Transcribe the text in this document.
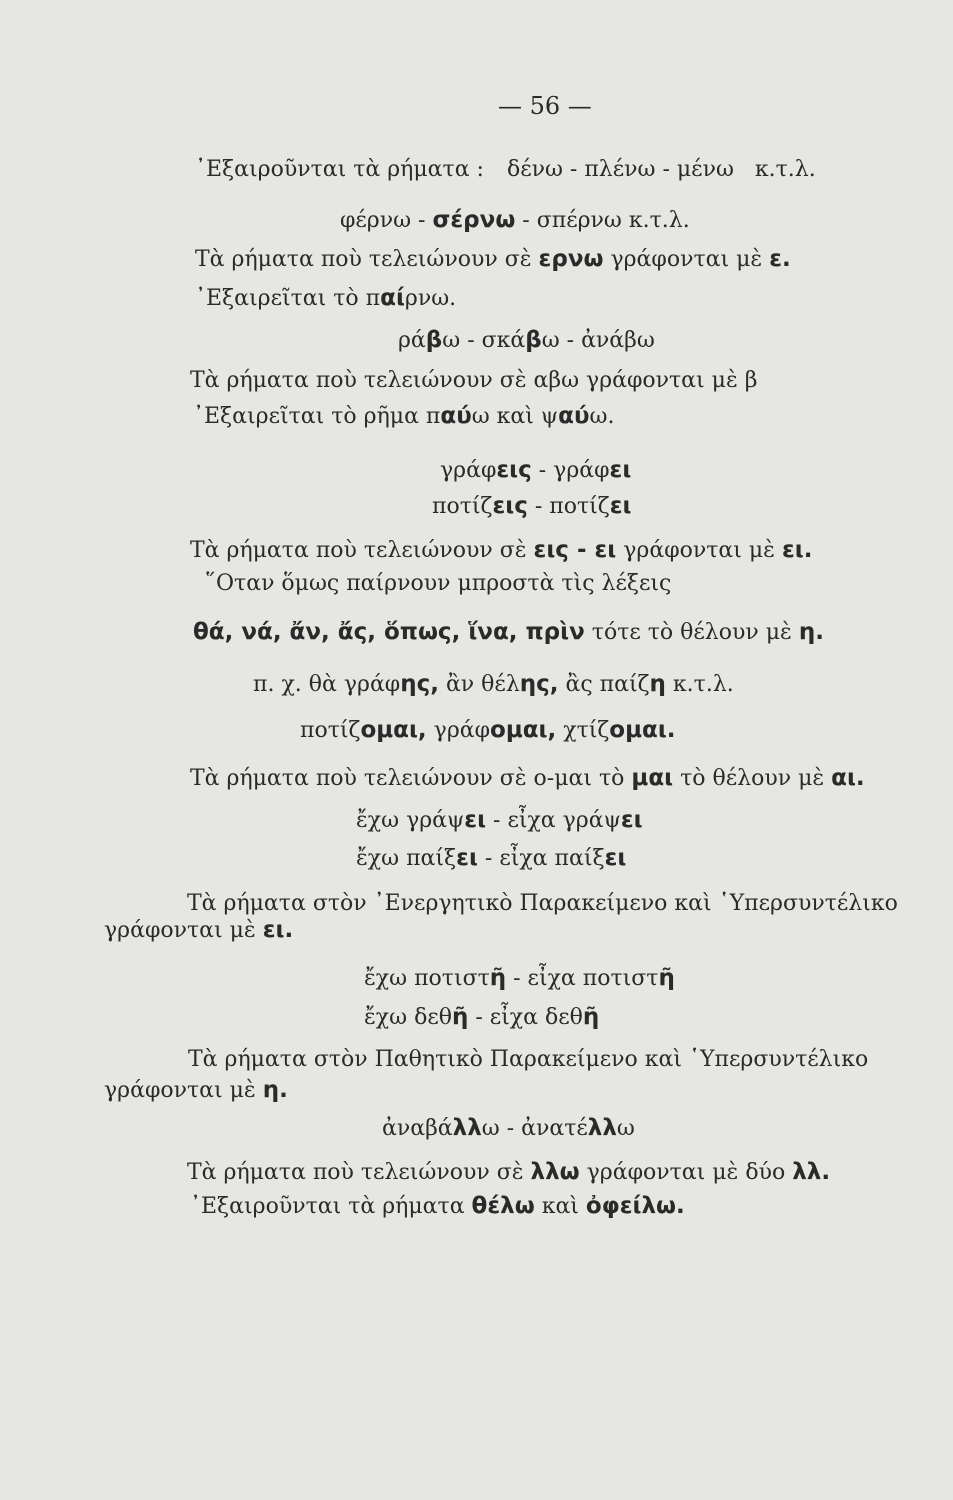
— 56 —
᾿Εξαιροῦνται τὰ ρήματα : δένω - πλένω - μένω κ.τ.λ.
φέρνω - σέρνω - σπέρνω κ.τ.λ.
Τὰ ρήματα ποὺ τελειώνουν σὲ ερνω γράφονται μὲ ε.
᾿Εξαιρεῖται τὸ παίρνω.
ράβω - σκάβω - ἀνάβω
Τὰ ρήματα ποὺ τελειώνουν σὲ αβω γράφονται μὲ β
᾿Εξαιρεῖται τὸ ρῆμα παύω καὶ ψαύω.
γράφεις - γράφει
ποτίζεις - ποτίζει
Τὰ ρήματα ποὺ τελειώνουν σὲ εις - ει γράφονται μὲ ει.
῞Οταν ὅμως παίρνουν μπροστὰ τὶς λέξεις
θά, νά, ἄν, ἄς, ὅπως, ἵνα, πρὶν τότε τὸ θέλουν μὲ η.
π. χ. θὰ γράφης, ἂν θέλης, ἂς παίζη κ.τ.λ.
ποτίζομαι, γράφομαι, χτίζομαι.
Τὰ ρήματα ποὺ τελειώνουν σὲ ο-μαι τὸ μαι τὸ θέλουν μὲ αι.
ἔχω γράψει - εἶχα γράψει
ἔχω παίξει - εἶχα παίξει
Τὰ ρήματα στὸν ᾿Ενεργητικὸ Παρακείμενο καὶ ῾Υπερσυντέλικο
γράφονται μὲ ει.
ἔχω ποτιστῆ - εἶχα ποτιστῆ
ἔχω δεθῆ - εἶχα δεθῆ
Τὰ ρήματα στὸν Παθητικὸ Παρακείμενο καὶ ῾Υπερσυντέλικο
γράφονται μὲ η.
ἀναβάλλω - ἀνατέλλω
Τὰ ρήματα ποὺ τελειώνουν σὲ λλω γράφονται μὲ δύο λλ.
᾿Εξαιροῦνται τὰ ρήματα θέλω καὶ ὀφείλω.
